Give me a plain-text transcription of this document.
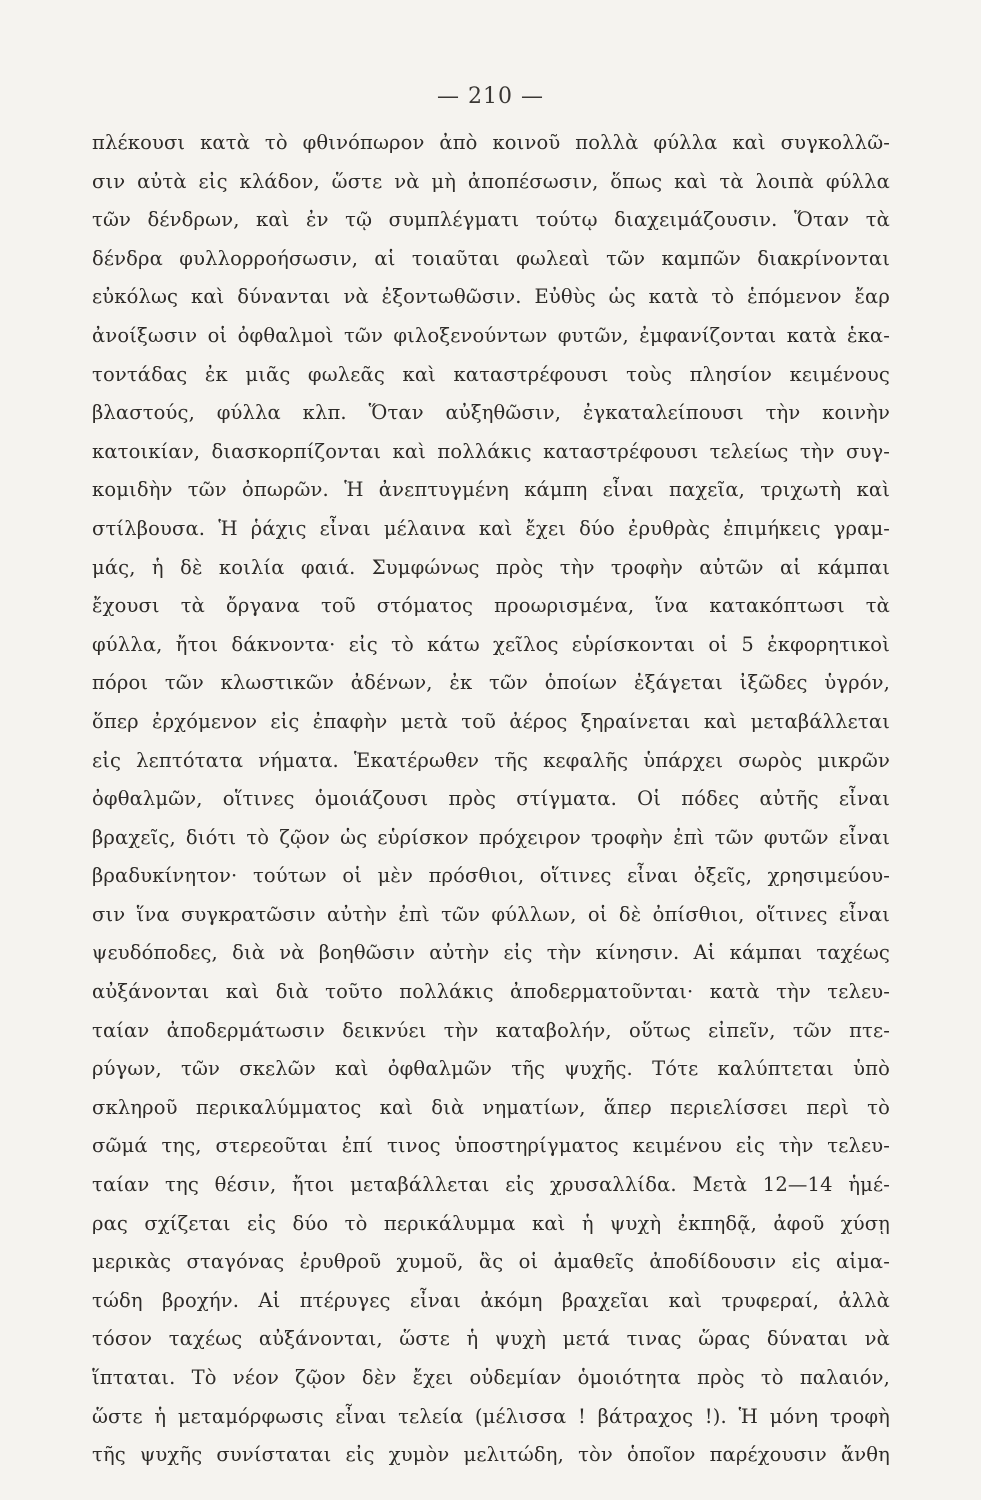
— 210 —
πλέκουσι κατὰ τὸ φθινόπωρον ἀπὸ κοινοῦ πολλὰ φύλλα καὶ συγκολλῶ-
σιν αὐτὰ εἰς κλάδον, ὥστε νὰ μὴ ἀποπέσωσιν, ὅπως καὶ τὰ λοιπὰ φύλλα
τῶν δένδρων, καὶ ἐν τῷ συμπλέγματι τούτῳ διαχειμάζουσιν. Ὅταν τὰ
δένδρα φυλλορροήσωσιν, αἱ τοιαῦται φωλεαὶ τῶν καμπῶν διακρίνονται
εὐκόλως καὶ δύνανται νὰ ἐξοντωθῶσιν. Εὐθὺς ὡς κατὰ τὸ ἑπόμενον ἔαρ
ἀνοίξωσιν οἱ ὀφθαλμοὶ τῶν φιλοξενούντων φυτῶν, ἐμφανίζονται κατὰ ἑκα-
τοντάδας ἐκ μιᾶς φωλεᾶς καὶ καταστρέφουσι τοὺς πλησίον κειμένους
βλαστούς, φύλλα κλπ. Ὅταν αὐξηθῶσιν, ἐγκαταλείπουσι τὴν κοινὴν
κατοικίαν, διασκορπίζονται καὶ πολλάκις καταστρέφουσι τελείως τὴν συγ-
κομιδὴν τῶν ὀπωρῶν. Ἡ ἀνεπτυγμένη κάμπη εἶναι παχεῖα, τριχωτὴ καὶ
στίλβουσα. Ἡ ῥάχις εἶναι μέλαινα καὶ ἔχει δύο ἐρυθρὰς ἐπιμήκεις γραμ-
μάς, ἡ δὲ κοιλία φαιά. Συμφώνως πρὸς τὴν τροφὴν αὐτῶν αἱ κάμπαι
ἔχουσι τὰ ὄργανα τοῦ στόματος προωρισμένα, ἵνα κατακόπτωσι τὰ
φύλλα, ἤτοι δάκνοντα· εἰς τὸ κάτω χεῖλος εὑρίσκονται οἱ 5 ἐκφορητικοὶ
πόροι τῶν κλωστικῶν ἀδένων, ἐκ τῶν ὁποίων ἐξάγεται ἰξῶδες ὑγρόν,
ὅπερ ἐρχόμενον εἰς ἐπαφὴν μετὰ τοῦ ἀέρος ξηραίνεται καὶ μεταβάλλεται
εἰς λεπτότατα νήματα. Ἑκατέρωθεν τῆς κεφαλῆς ὑπάρχει σωρὸς μικρῶν
ὀφθαλμῶν, οἵτινες ὁμοιάζουσι πρὸς στίγματα. Οἱ πόδες αὐτῆς εἶναι
βραχεῖς, διότι τὸ ζῷον ὡς εὑρίσκον πρόχειρον τροφὴν ἐπὶ τῶν φυτῶν εἶναι
βραδυκίνητον· τούτων οἱ μὲν πρόσθιοι, οἵτινες εἶναι ὀξεῖς, χρησιμεύου-
σιν ἵνα συγκρατῶσιν αὐτὴν ἐπὶ τῶν φύλλων, οἱ δὲ ὀπίσθιοι, οἵτινες εἶναι
ψευδόποδες, διὰ νὰ βοηθῶσιν αὐτὴν εἰς τὴν κίνησιν. Αἱ κάμπαι ταχέως
αὐξάνονται καὶ διὰ τοῦτο πολλάκις ἀποδερματοῦνται· κατὰ τὴν τελευ-
ταίαν ἀποδερμάτωσιν δεικνύει τὴν καταβολήν, οὕτως εἰπεῖν, τῶν πτε-
ρύγων, τῶν σκελῶν καὶ ὀφθαλμῶν τῆς ψυχῆς. Τότε καλύπτεται ὑπὸ
σκληροῦ περικαλύμματος καὶ διὰ νηματίων, ἅπερ περιελίσσει περὶ τὸ
σῶμά της, στερεοῦται ἐπί τινος ὑποστηρίγματος κειμένου εἰς τὴν τελευ-
ταίαν της θέσιν, ἤτοι μεταβάλλεται εἰς χρυσαλλίδα. Μετὰ 12—14 ἡμέ-
ρας σχίζεται εἰς δύο τὸ περικάλυμμα καὶ ἡ ψυχὴ ἐκπηδᾷ, ἀφοῦ χύσῃ
μερικὰς σταγόνας ἐρυθροῦ χυμοῦ, ἃς οἱ ἀμαθεῖς ἀποδίδουσιν εἰς αἱμα-
τώδη βροχήν. Αἱ πτέρυγες εἶναι ἀκόμη βραχεῖαι καὶ τρυφεραί, ἀλλὰ
τόσον ταχέως αὐξάνονται, ὥστε ἡ ψυχὴ μετά τινας ὥρας δύναται νὰ
ἵπταται. Τὸ νέον ζῷον δὲν ἔχει οὐδεμίαν ὁμοιότητα πρὸς τὸ παλαιόν,
ὥστε ἡ μεταμόρφωσις εἶναι τελεία (μέλισσα ! βάτραχος !). Ἡ μόνη τροφὴ
τῆς ψυχῆς συνίσταται εἰς χυμὸν μελιτώδη, τὸν ὁποῖον παρέχουσιν ἄνθη
